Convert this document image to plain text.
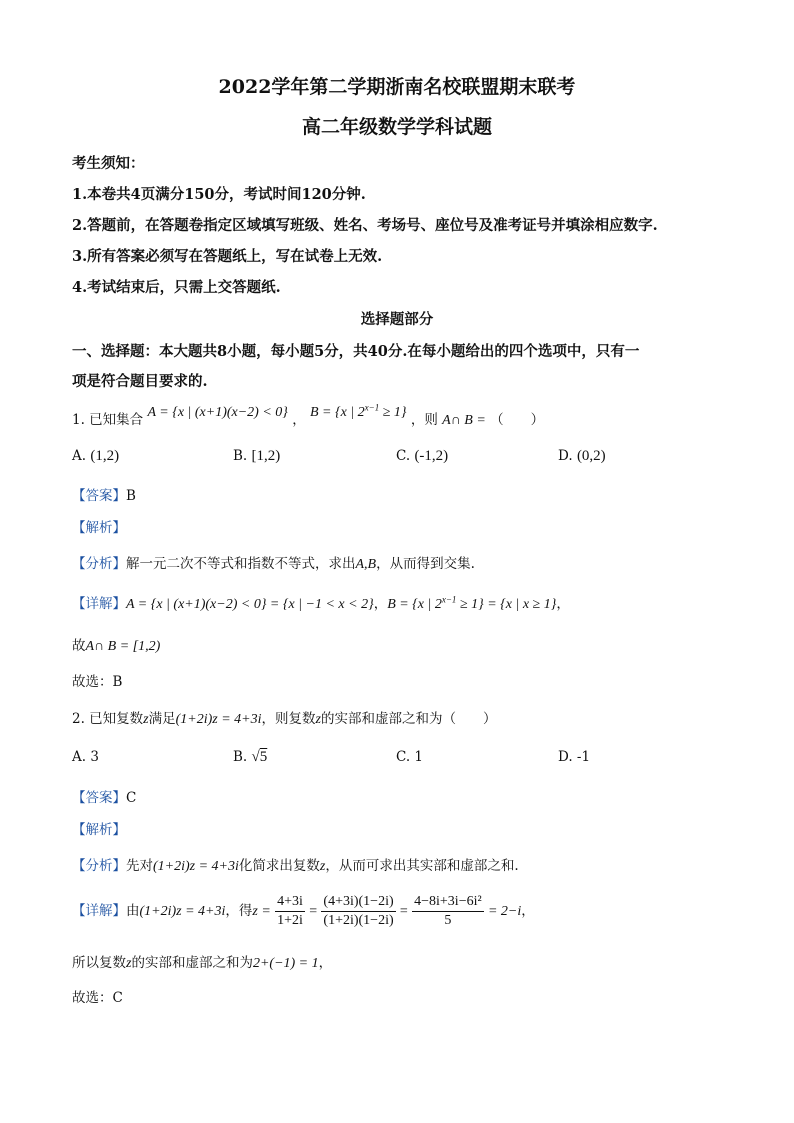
2022学年第二学期浙南名校联盟期末联考
高二年级数学学科试题
考生须知：
1.本卷共4页满分150分，考试时间120分钟.
2.答题前，在答题卷指定区域填写班级、姓名、考场号、座位号及准考证号并填涂相应数字.
3.所有答案必须写在答题纸上，写在试卷上无效.
4.考试结束后，只需上交答题纸.
选择题部分
一、选择题：本大题共8小题，每小题5分，共40分.在每小题给出的四个选项中，只有一
项是符合题目要求的.
1. 已知集合 A = {x | (x+1)(x−2) < 0} ， B = {x | $2^{x-1} \ge 1$} ，则 A∩ B = （　　）
A. (1,2)	B. [1,2)	C. (-1,2)	D. (0,2)
【答案】B
【解析】
【分析】解一元二次不等式和指数不等式，求出A,B，从而得到交集.
【详解】A = {x | (x+1)(x−2) < 0} = {x | −1 < x < 2}，B = {x | $2^{x-1} \ge 1\} = \{x$ | x ≥ 1}，
故A∩ B = [1,2)
故选：B
2. 已知复数z满足(1+2i)z = 4+3i，则复数z的实部和虚部之和为（　　）
A. 3	B. √5	C. 1	D. -1
【答案】C
【解析】
【分析】先对(1+2i)z = 4+3i化简求出复数z，从而可求出其实部和虚部之和.
【详解】由(1+2i)z = 4+3i，得$z = \frac{4+3i}{1+2i} = \frac{(4+3i)(1-2i)}{(1+2i)(1-2i)} = \frac{\text{4−8i+3i−6i²}}{5} = 2-i$，
所以复数z的实部和虚部之和为2+(−1) = 1，
故选：C
